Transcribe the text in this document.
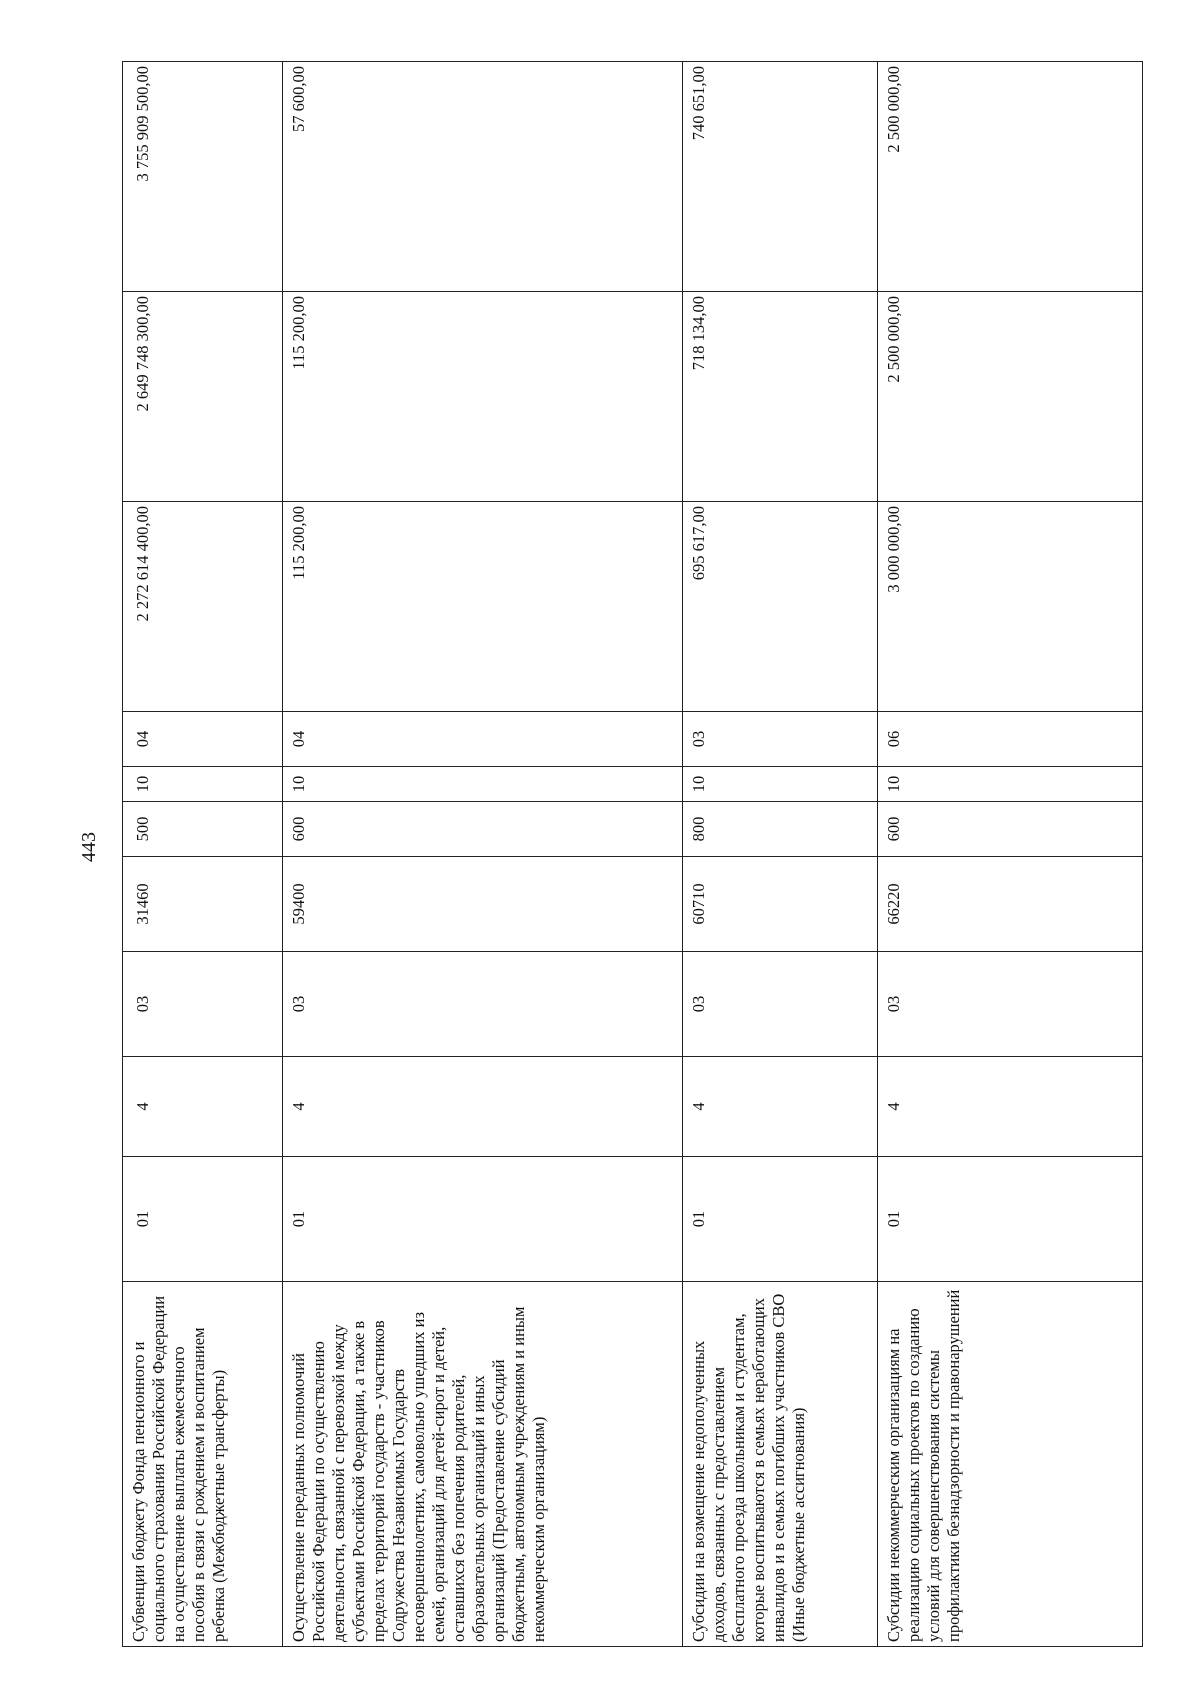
443
Субвенции бюджету Фонда пенсионного и социального страхования Российской Федерации на осуществление выплаты ежемесячного пособия в связи с рождением и воспитанием ребенка (Межбюджетные трансферты)	01	4	03	31460	500	10	04	2 272 614 400,00	2 649 748 300,00	3 755 909 500,00
Осуществление переданных полномочий Российской Федерации по осуществлению деятельности, связанной с перевозкой между субъектами Российской Федерации, а также в пределах территорий государств - участников Содружества Независимых Государств несовершеннолетних, самовольно ушедших из семей, организаций для детей-сирот и детей, оставшихся без попечения родителей, образовательных организаций и иных организаций (Предоставление субсидий бюджетным, автономным учреждениям и иным некоммерческим организациям)	01	4	03	59400	600	10	04	115 200,00	115 200,00	57 600,00
Субсидии на возмещение недополученных доходов, связанных с предоставлением бесплатного проезда школьникам и студентам, которые воспитываются в семьях неработающих инвалидов и в семьях погибших участников СВО (Иные бюджетные ассигнования)	01	4	03	60710	800	10	03	695 617,00	718 134,00	740 651,00
Субсидии некоммерческим организациям на реализацию социальных проектов по созданию условий для совершенствования системы профилактики безнадзорности и правонарушений	01	4	03	66220	600	10	06	3 000 000,00	2 500 000,00	2 500 000,00
